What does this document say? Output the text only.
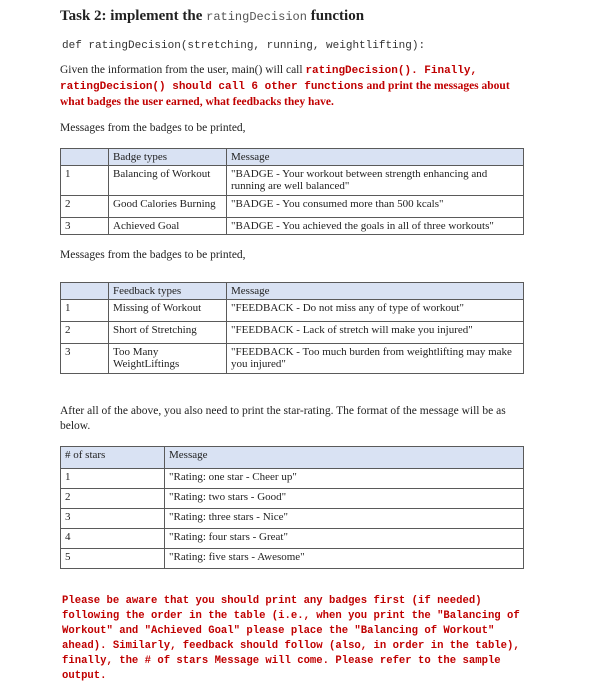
Task 2: implement the ratingDecision function
def ratingDecision(stretching, running, weightlifting):
Given the information from the user, main() will call ratingDecision(). Finally, ratingDecision() should call 6 other functions and print the messages about what badges the user earned, what feedbacks they have.
Messages from the badges to be printed,
	Badge types	Message
1	Balancing of Workout	"BADGE - Your workout between strength enhancing and running are well balanced"
2	Good Calories Burning	"BADGE - You consumed more than 500 kcals"
3	Achieved Goal	"BADGE - You achieved the goals in all of three workouts"
Messages from the badges to be printed,
	Feedback types	Message
1	Missing of Workout	"FEEDBACK - Do not miss any of type of workout"
2	Short of Stretching	"FEEDBACK - Lack of stretch will make you injured"
3	Too Many WeightLiftings	"FEEDBACK - Too much burden from weightlifting may make you injured"
After all of the above, you also need to print the star-rating. The format of the message will be as below.
# of stars	Message
1	"Rating: one star - Cheer up"
2	"Rating: two stars - Good"
3	"Rating: three stars - Nice"
4	"Rating: four stars - Great"
5	"Rating: five stars - Awesome"
Please be aware that you should print any badges first (if needed) following the order in the table (i.e., when you print the "Balancing of Workout" and "Achieved Goal" please place the "Balancing of Workout" ahead). Similarly, feedback should follow (also, in order in the table), finally, the # of stars Message will come. Please refer to the sample output.
